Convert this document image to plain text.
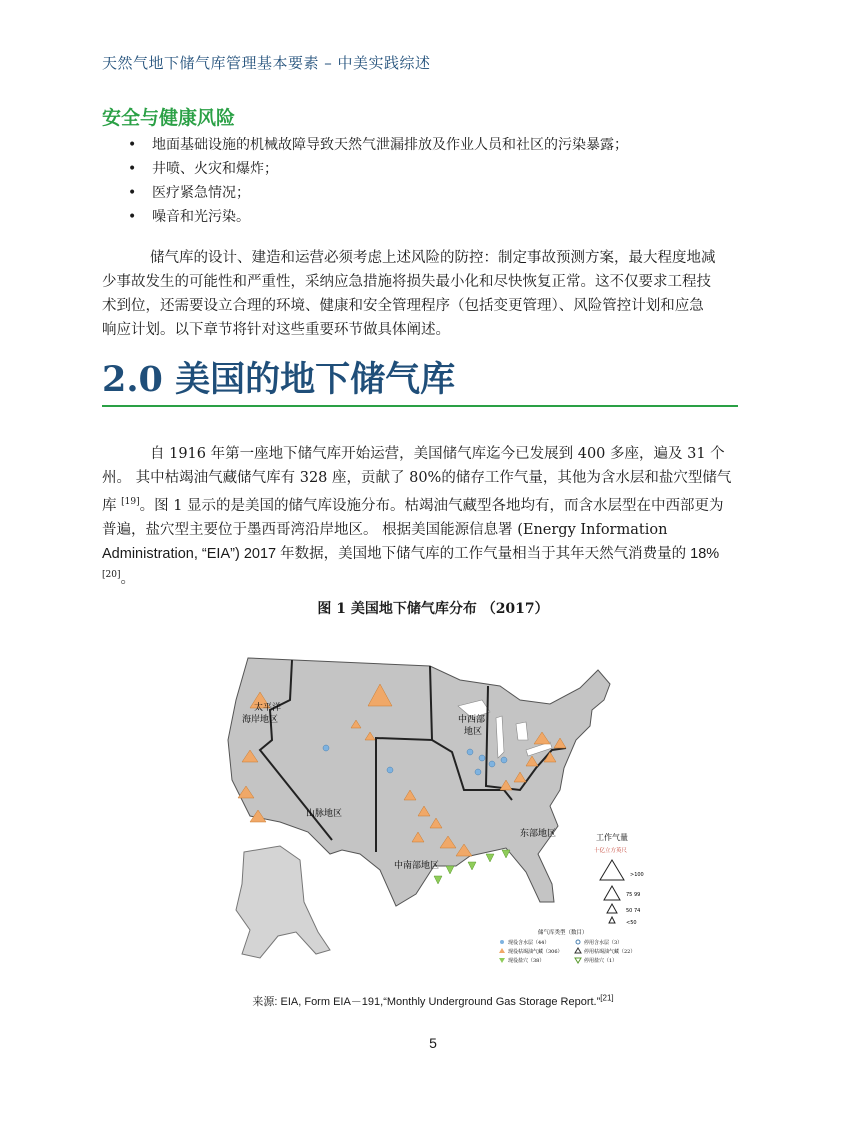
天然气地下储气库管理基本要素 – 中美实践综述
安全与健康风险
• 地面基础设施的机械故障导致天然气泄漏排放及作业人员和社区的污染暴露；
• 井喷、火灾和爆炸；
• 医疗紧急情况；
• 噪音和光污染。
储气库的设计、建造和运营必须考虑上述风险的防控：制定事故预测方案，最大程度地减
少事故发生的可能性和严重性，采纳应急措施将损失最小化和尽快恢复正常。这不仅要求工程技
术到位，还需要设立合理的环境、健康和安全管理程序（包括变更管理）、风险管控计划和应急
响应计划。以下章节将针对这些重要环节做具体阐述。
2.0 美国的地下储气库
自 1916 年第一座地下储气库开始运营，美国储气库迄今已发展到 400 多座，遍及 31 个
州。 其中枯竭油气藏储气库有 328 座，贡献了 80%的储存工作气量，其他为含水层和盐穴型储气
库 [19]。图 1 显示的是美国的储气库设施分布。枯竭油气藏型各地均有，而含水层型在中西部更为
普遍，盐穴型主要位于墨西哥湾沿岸地区。 根据美国能源信息署 (Energy Information
Administration, “EIA”) 2017 年数据，美国地下储气库的工作气量相当于其年天然气消费量的 18%
[20]。
图 1 美国地下储气库分布 （2017）
太平洋
海岸地区	中西部
地区
山脉地区
中南部地区
东部地区	工作气量
十亿立方英尺
>100
75 99
50 74
<50
储气库类型（数目）
现役含水层（44）
现役枯竭油气藏（306）
现役盐穴（38）
停用含水层（3）
停用枯竭油气藏（22）
停用盐穴（1）
来源: EIA, Form EIA－191,“Monthly Underground Gas Storage Report.”[21]
5
